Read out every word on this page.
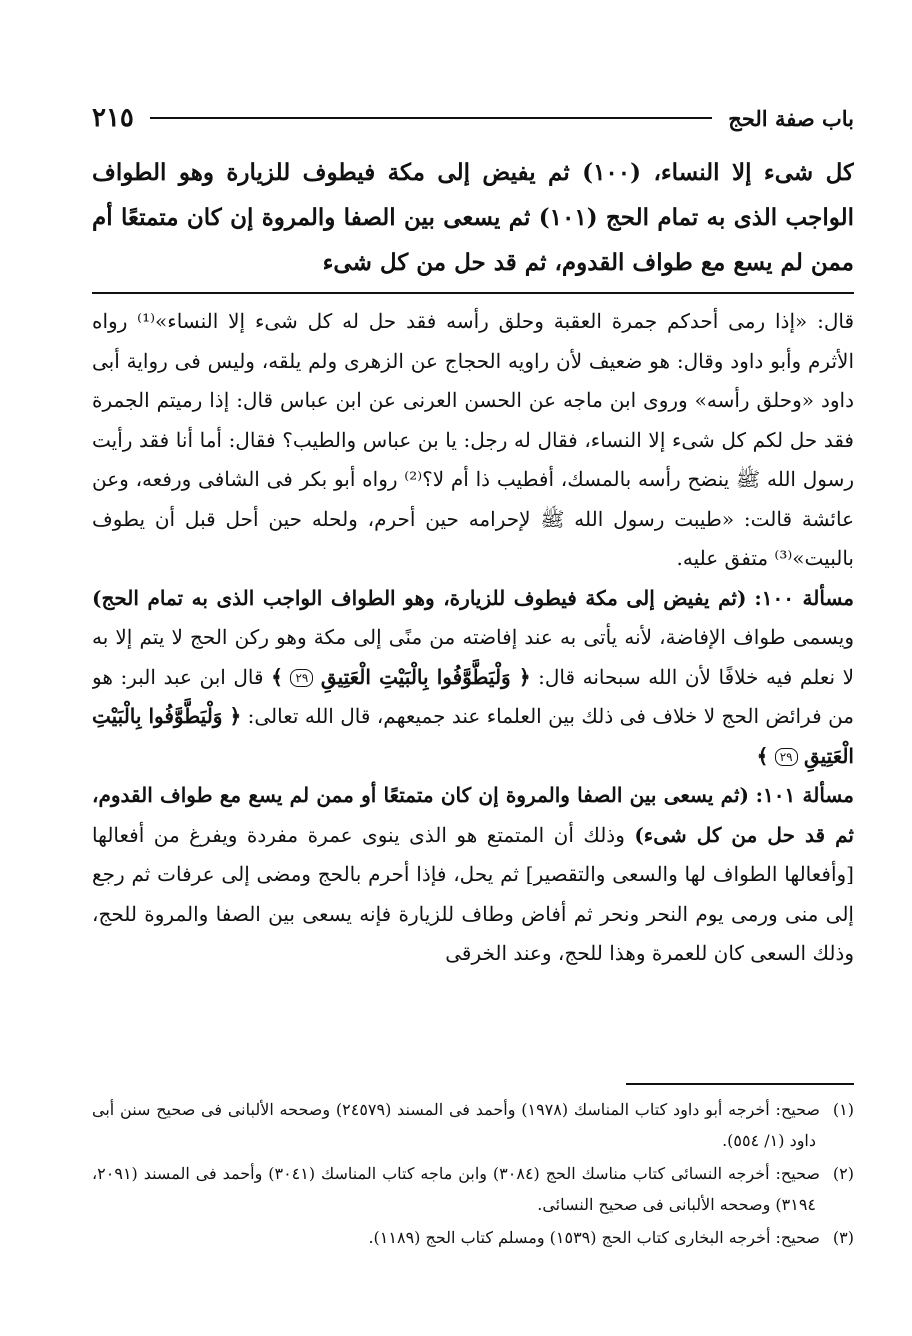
باب صفة الحج
٢١٥
كل شىء إلا النساء، (١٠٠) ثم يفيض إلى مكة فيطوف للزيارة وهو الطواف الواجب الذى به تمام الحج (١٠١) ثم يسعى بين الصفا والمروة إن كان متمتعًا أم ممن لم يسع مع طواف القدوم، ثم قد حل من كل شىء

قال: «إذا رمى أحدكم جمرة العقبة وحلق رأسه فقد حل له كل شىء إلا النساء»⁽¹⁾ رواه الأثرم وأبو داود وقال: هو ضعيف لأن راويه الحجاج عن الزهرى ولم يلقه، وليس فى رواية أبى داود «وحلق رأسه» وروى ابن ماجه عن الحسن العرنى عن ابن عباس قال: إذا رميتم الجمرة فقد حل لكم كل شىء إلا النساء، فقال له رجل: يا بن عباس والطيب؟ فقال: أما أنا فقد رأيت رسول الله ﷺ ينضح رأسه بالمسك، أفطيب ذا أم لا؟⁽²⁾ رواه أبو بكر فى الشافى ورفعه، وعن عائشة قالت: «طيبت رسول الله ﷺ لإحرامه حين أحرم، ولحله حين أحل قبل أن يطوف بالبيت»⁽³⁾ متفق عليه.

مسألة ١٠٠: (ثم يفيض إلى مكة فيطوف للزيارة، وهو الطواف الواجب الذى به تمام الحج) ويسمى طواف الإفاضة، لأنه يأتى به عند إفاضته من منًى إلى مكة وهو ركن الحج لا يتم إلا به لا نعلم فيه خلافًا لأن الله سبحانه قال: ﴿ وَلْيَطَّوَّفُوا بِالْبَيْتِ الْعَتِيقِ ٢٩ ﴾ قال ابن عبد البر: هو من فرائض الحج لا خلاف فى ذلك بين العلماء عند جميعهم، قال الله تعالى: ﴿ وَلْيَطَّوَّفُوا بِالْبَيْتِ الْعَتِيقِ ٢٩ ﴾

مسألة ١٠١: (ثم يسعى بين الصفا والمروة إن كان متمتعًا أو ممن لم يسع مع طواف القدوم، ثم قد حل من كل شىء) وذلك أن المتمتع هو الذى ينوى عمرة مفردة ويفرغ من أفعالها [وأفعالها الطواف لها والسعى والتقصير] ثم يحل، فإذا أحرم بالحج ومضى إلى عرفات ثم رجع إلى منى ورمى يوم النحر ونحر ثم أفاض وطاف للزيارة فإنه يسعى بين الصفا والمروة للحج، وذلك السعى كان للعمرة وهذا للحج، وعند الخرقى

(١)صحيح: أخرجه أبو داود كتاب المناسك (١٩٧٨) وأحمد فى المسند (٢٤٥٧٩) وصححه الألبانى فى صحيح سنن أبى داود (١/ ٥٥٤).

(٢)صحيح: أخرجه النسائى كتاب مناسك الحج (٣٠٨٤) وابن ماجه كتاب المناسك (٣٠٤١) وأحمد فى المسند (٢٠٩١، ٣١٩٤) وصححه الألبانى فى صحيح النسائى.

(٣)صحيح: أخرجه البخارى كتاب الحج (١٥٣٩) ومسلم كتاب الحج (١١٨٩).
